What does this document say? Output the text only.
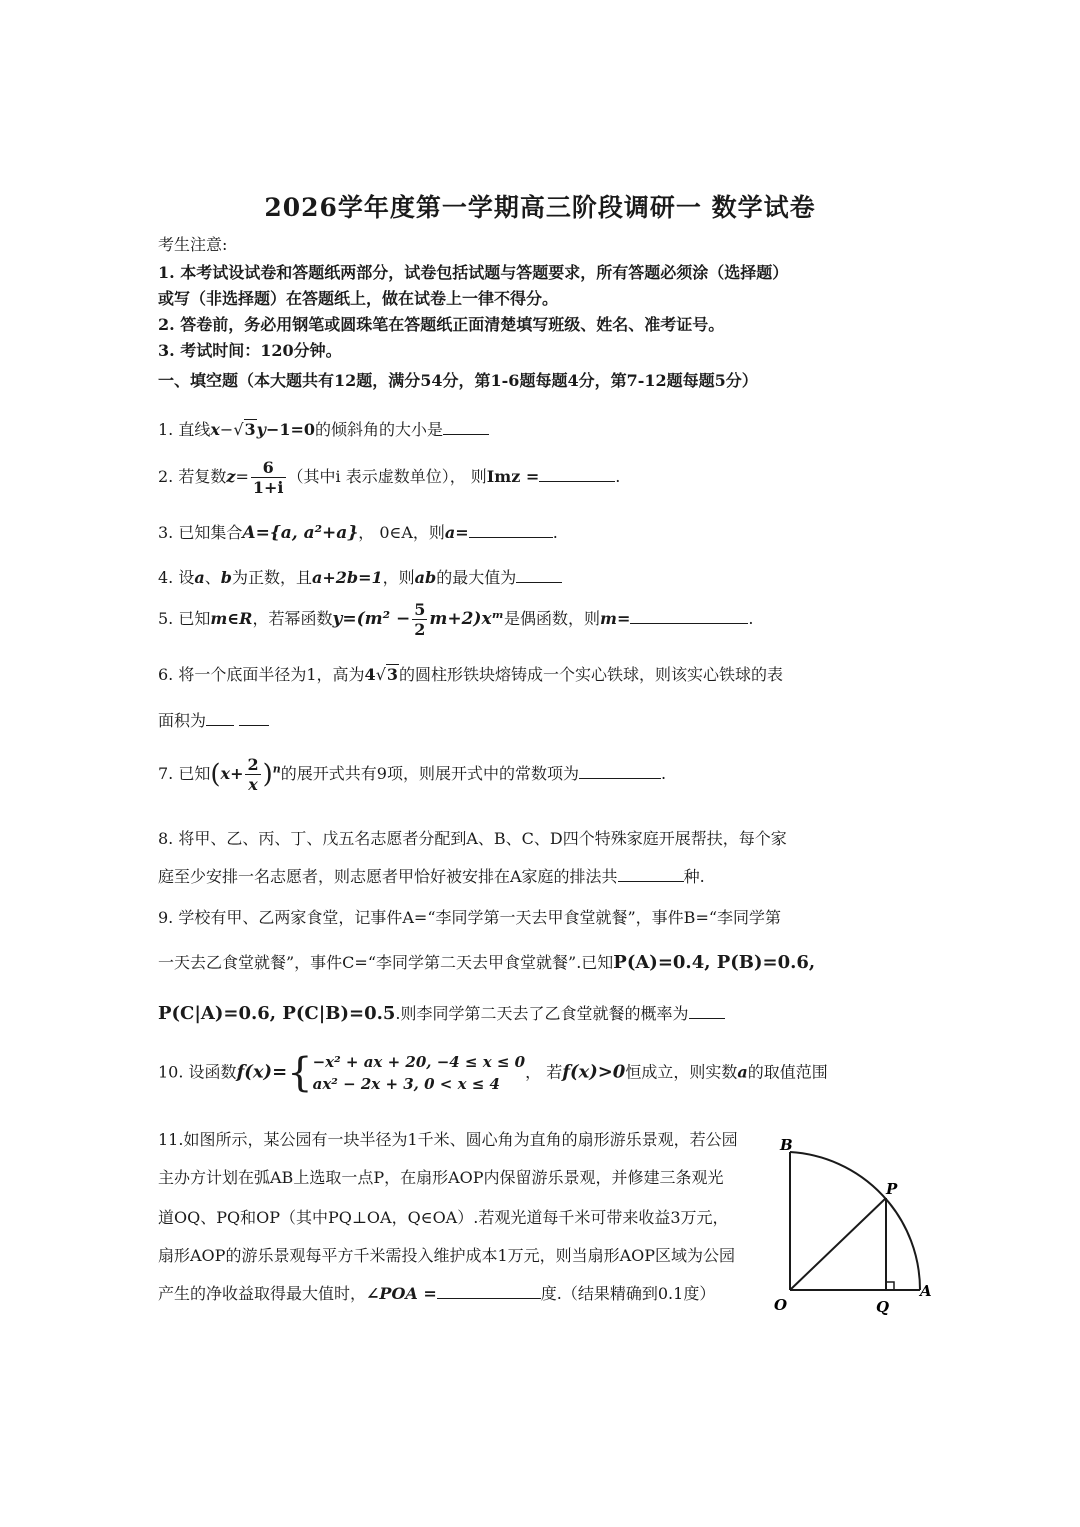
2026学年度第一学期高三阶段调研一 数学试卷
考生注意:
1. 本考试设试卷和答题纸两部分，试卷包括试题与答题要求，所有答题必须涂（选择题）
或写（非选择题）在答题纸上，做在试卷上一律不得分。
2. 答卷前，务必用钢笔或圆珠笔在答题纸正面清楚填写班级、姓名、准考证号。
3. 考试时间：120分钟。
一、填空题（本大题共有12题，满分54分，第1-6题每题4分，第7-12题每题5分）
1. 直线x−√3y−1=0的倾斜角的大小是
2. 若复数$z= \frac{6}{1+i}$ （其中i 表示虚数单位）， 则Imz =	.
3. 已知集合A={a, a²+a}， 0∈A，则a=	.
4. 设a、b为正数，且a+2b=1，则ab的最大值为
5. 已知m∈R，若幂函数$y=(m^2 - \frac{5}{2}$ m+2)xᵐ是偶函数，则m=	.
6. 将一个底面半径为1，高为4√3的圆柱形铁块熔铸成一个实心铁球，则该实心铁球的表
面积为
7. 已知$(x+ \frac{2}{x} )^n$的展开式共有9项，则展开式中的常数项为	.
8. 将甲、乙、丙、丁、戊五名志愿者分配到A、B、C、D四个特殊家庭开展帮扶，每个家
庭至少安排一名志愿者，则志愿者甲恰好被安排在A家庭的排法共	种.
9. 学校有甲、乙两家食堂，记事件A=“李同学第一天去甲食堂就餐”，事件B=“李同学第
一天去乙食堂就餐”，事件C=“李同学第二天去甲食堂就餐”.已知P(A)=0.4, P(B)=0.6,
P(C|A)=0.6, P(C|B)=0.5.则李同学第二天去了乙食堂就餐的概率为
10. 设函数f(x)={ −x² + ax + 20, −4 ≤ x ≤ 0
ax² − 2x + 3, 0 < x ≤ 4
， 若f(x)>0恒成立，则实数a的取值范围
11.如图所示，某公园有一块半径为1千米、圆心角为直角的扇形游乐景观，若公园
主办方计划在弧AB上选取一点P，在扇形AOP内保留游乐景观，并修建三条观光
道OQ、PQ和OP（其中PQ⊥OA，Q∈OA）.若观光道每千米可带来收益3万元，
扇形AOP的游乐景观每平方千米需投入维护成本1万元，则当扇形AOP区域为公园
产生的净收益取得最大值时，∠POA =	度.（结果精确到0.1度）
B
P
O	Q
A
